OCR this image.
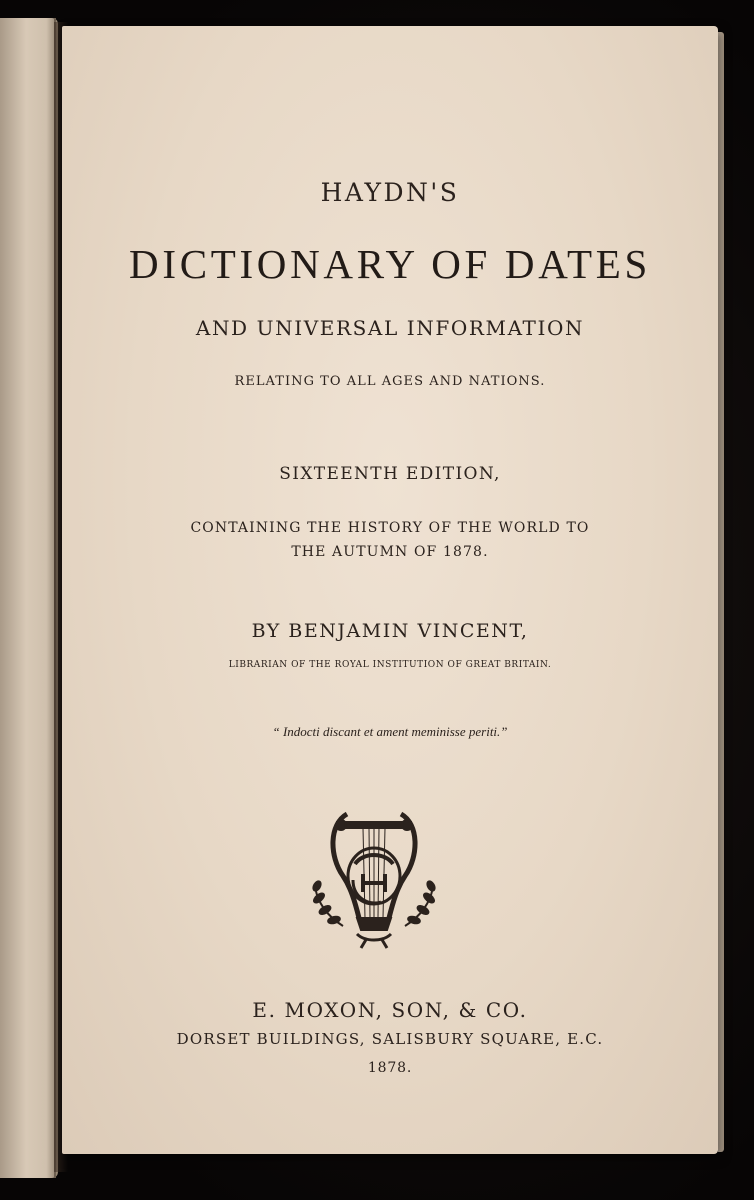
HAYDN'S
DICTIONARY OF DATES
AND UNIVERSAL INFORMATION
RELATING TO ALL AGES AND NATIONS.
SIXTEENTH EDITION,
CONTAINING THE HISTORY OF THE WORLD TO
THE AUTUMN OF 1878.
BY BENJAMIN VINCENT,
LIBRARIAN OF THE ROYAL INSTITUTION OF GREAT BRITAIN.
“ Indocti discant et ament meminisse periti.”
E. MOXON, SON, & CO.
DORSET BUILDINGS, SALISBURY SQUARE, E.C.
1878.
